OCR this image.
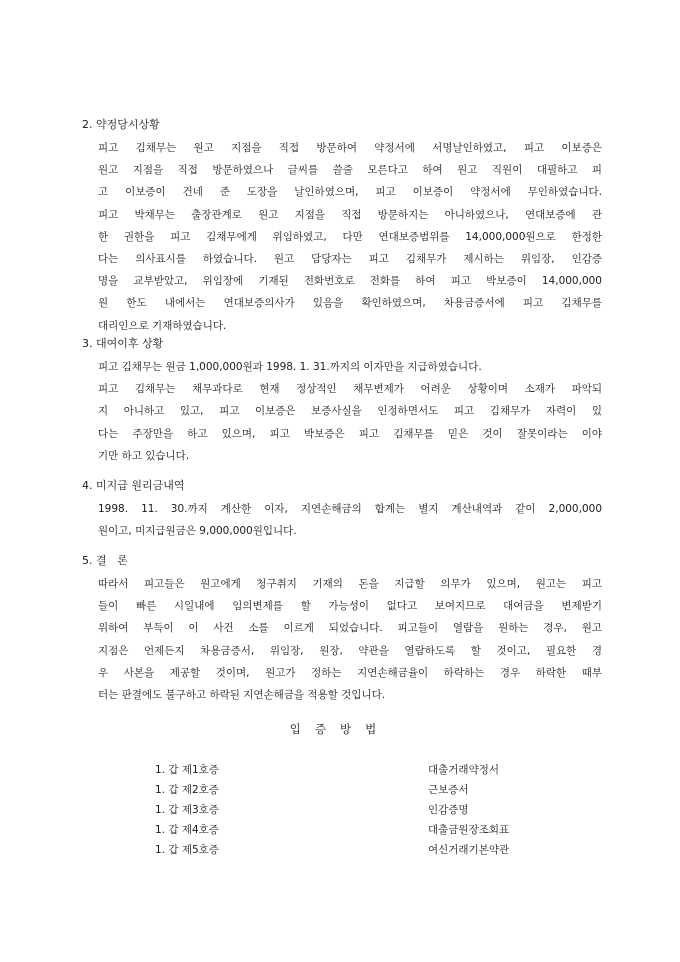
2. 약정당시상황
피고 김채무는 원고 지점을 직접 방문하여 약정서에 서명날인하였고, 피고 이보증은
원고 지점을 직접 방문하였으나 글씨를 쓸줄 모른다고 하여 원고 직원이 대필하고 피
고 이보증이 건네 준 도장을 날인하였으며, 피고 이보증이 약정서에 무인하였습니다.
피고 박채무는 출장관계로 원고 지점을 직접 방문하지는 아니하였으나, 연대보증에 관
한 권한을 피고 김채무에게 위임하였고, 다만 연대보증범위를 14,000,000원으로 한정한
다는 의사표시를 하였습니다. 원고 담당자는 피고 김채무가 제시하는 위임장, 인감증
명을 교부받았고, 위임장에 기재된 전화번호로 전화를 하여 피고 박보증이 14,000,000
원 한도 내에서는 연대보증의사가 있음을 확인하였으며, 차용금증서에 피고 김채무를
대리인으로 기재하였습니다.
3. 대여이후 상황
피고 김채무는 원금 1,000,000원과 1998. 1. 31.까지의 이자만을 지급하였습니다.
피고 김채무는 채무과다로 현재 정상적인 채무변제가 어려운 상황이며 소재가 파악되
지 아니하고 있고, 피고 이보증은 보증사실을 인정하면서도 피고 김채무가 자력이 있
다는 주장만을 하고 있으며, 피고 박보증은 피고 김채무를 믿은 것이 잘못이라는 이야
기만 하고 있습니다.
4. 미지급 원리금내역
1998. 11. 30.까지 계산한 이자, 지연손해금의 합계는 별지 계산내역과 같이 2,000,000
원이고, 미지급원금은 9,000,000원입니다.
5. 결   론
따라서 피고들은 원고에게 청구취지 기재의 돈을 지급할 의무가 있으며, 원고는 피고
들이 빠른 시일내에 임의변제를 할 가능성이 없다고 보여지므로 대여금을 변제받기
위하여 부득이 이 사건 소를 이르게 되었습니다. 피고들이 열람을 원하는 경우, 원고
지점은 언제든지 차용금증서, 위임장, 원장, 약관을 열람하도록 할 것이고, 필요한 경
우 사본을 제공할 것이며, 원고가 정하는 지연손해금율이 하락하는 경우 하락한 때부
터는 판결에도 불구하고 하락된 지연손해금을 적용할 것입니다.
입증방법
1. 갑 제1호증	대출거래약정서
1. 갑 제2호증	근보증서
1. 갑 제3호증	인감증명
1. 갑 제4호증	대출금원장조회표
1. 갑 제5호증	여신거래기본약관
